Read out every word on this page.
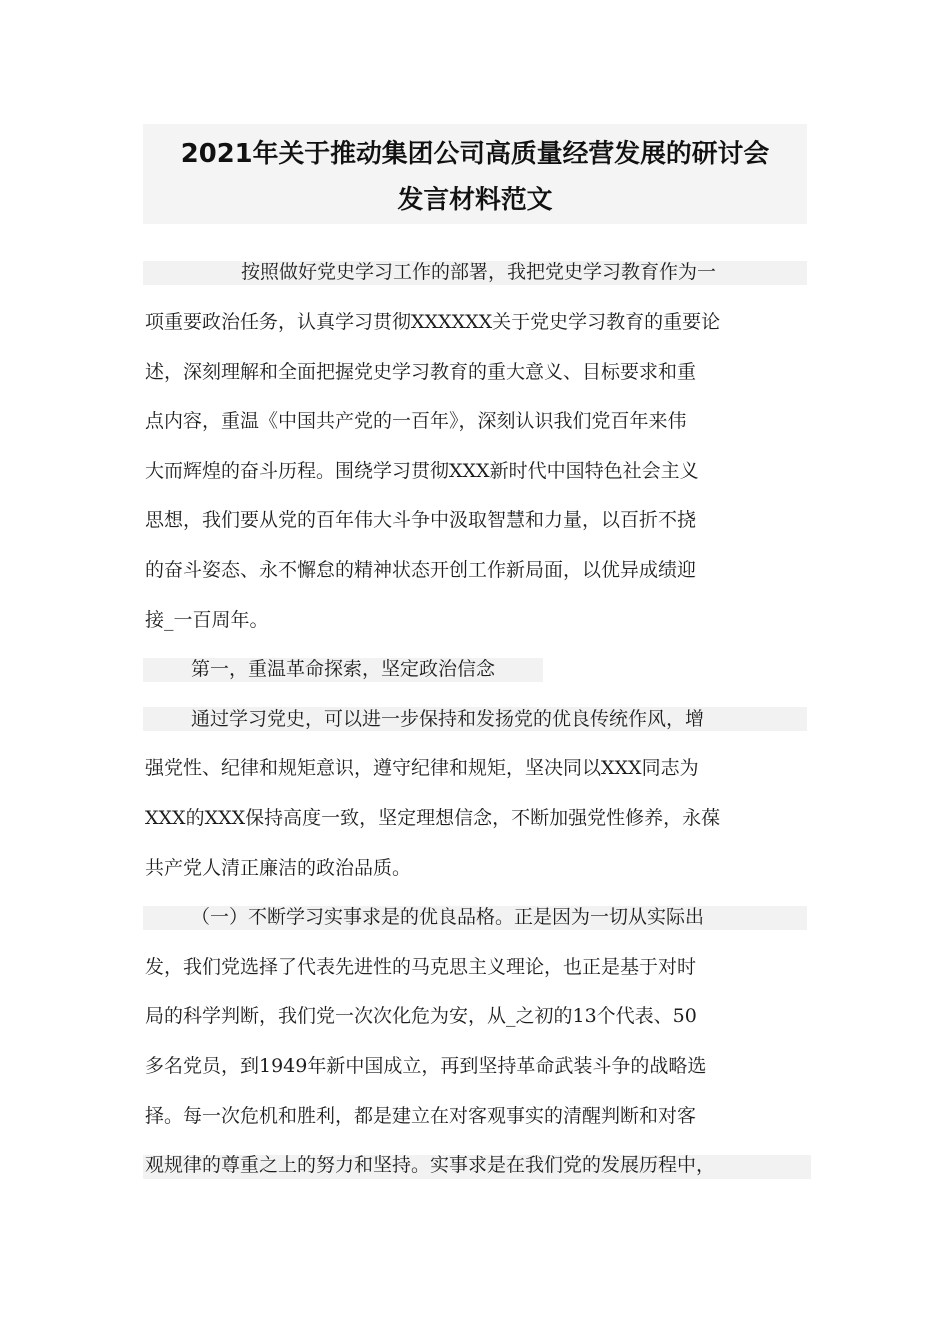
2021年关于推动集团公司高质量经营发展的研讨会
发言材料范文
按照做好党史学习工作的部署，我把党史学习教育作为一
项重要政治任务，认真学习贯彻XXXXXX关于党史学习教育的重要论
述，深刻理解和全面把握党史学习教育的重大意义、目标要求和重
点内容，重温《中国共产党的一百年》，深刻认识我们党百年来伟
大而辉煌的奋斗历程。围绕学习贯彻XXX新时代中国特色社会主义
思想，我们要从党的百年伟大斗争中汲取智慧和力量，以百折不挠
的奋斗姿态、永不懈怠的精神状态开创工作新局面，以优异成绩迎
接_一百周年。
第一，重温革命探索，坚定政治信念
通过学习党史，可以进一步保持和发扬党的优良传统作风，增
强党性、纪律和规矩意识，遵守纪律和规矩，坚决同以XXX同志为
XXX的XXX保持高度一致，坚定理想信念，不断加强党性修养，永葆
共产党人清正廉洁的政治品质。
（一）不断学习实事求是的优良品格。正是因为一切从实际出
发，我们党选择了代表先进性的马克思主义理论，也正是基于对时
局的科学判断，我们党一次次化危为安，从_之初的13个代表、50
多名党员，到1949年新中国成立，再到坚持革命武装斗争的战略选
择。每一次危机和胜利，都是建立在对客观事实的清醒判断和对客
观规律的尊重之上的努力和坚持。实事求是在我们党的发展历程中，
